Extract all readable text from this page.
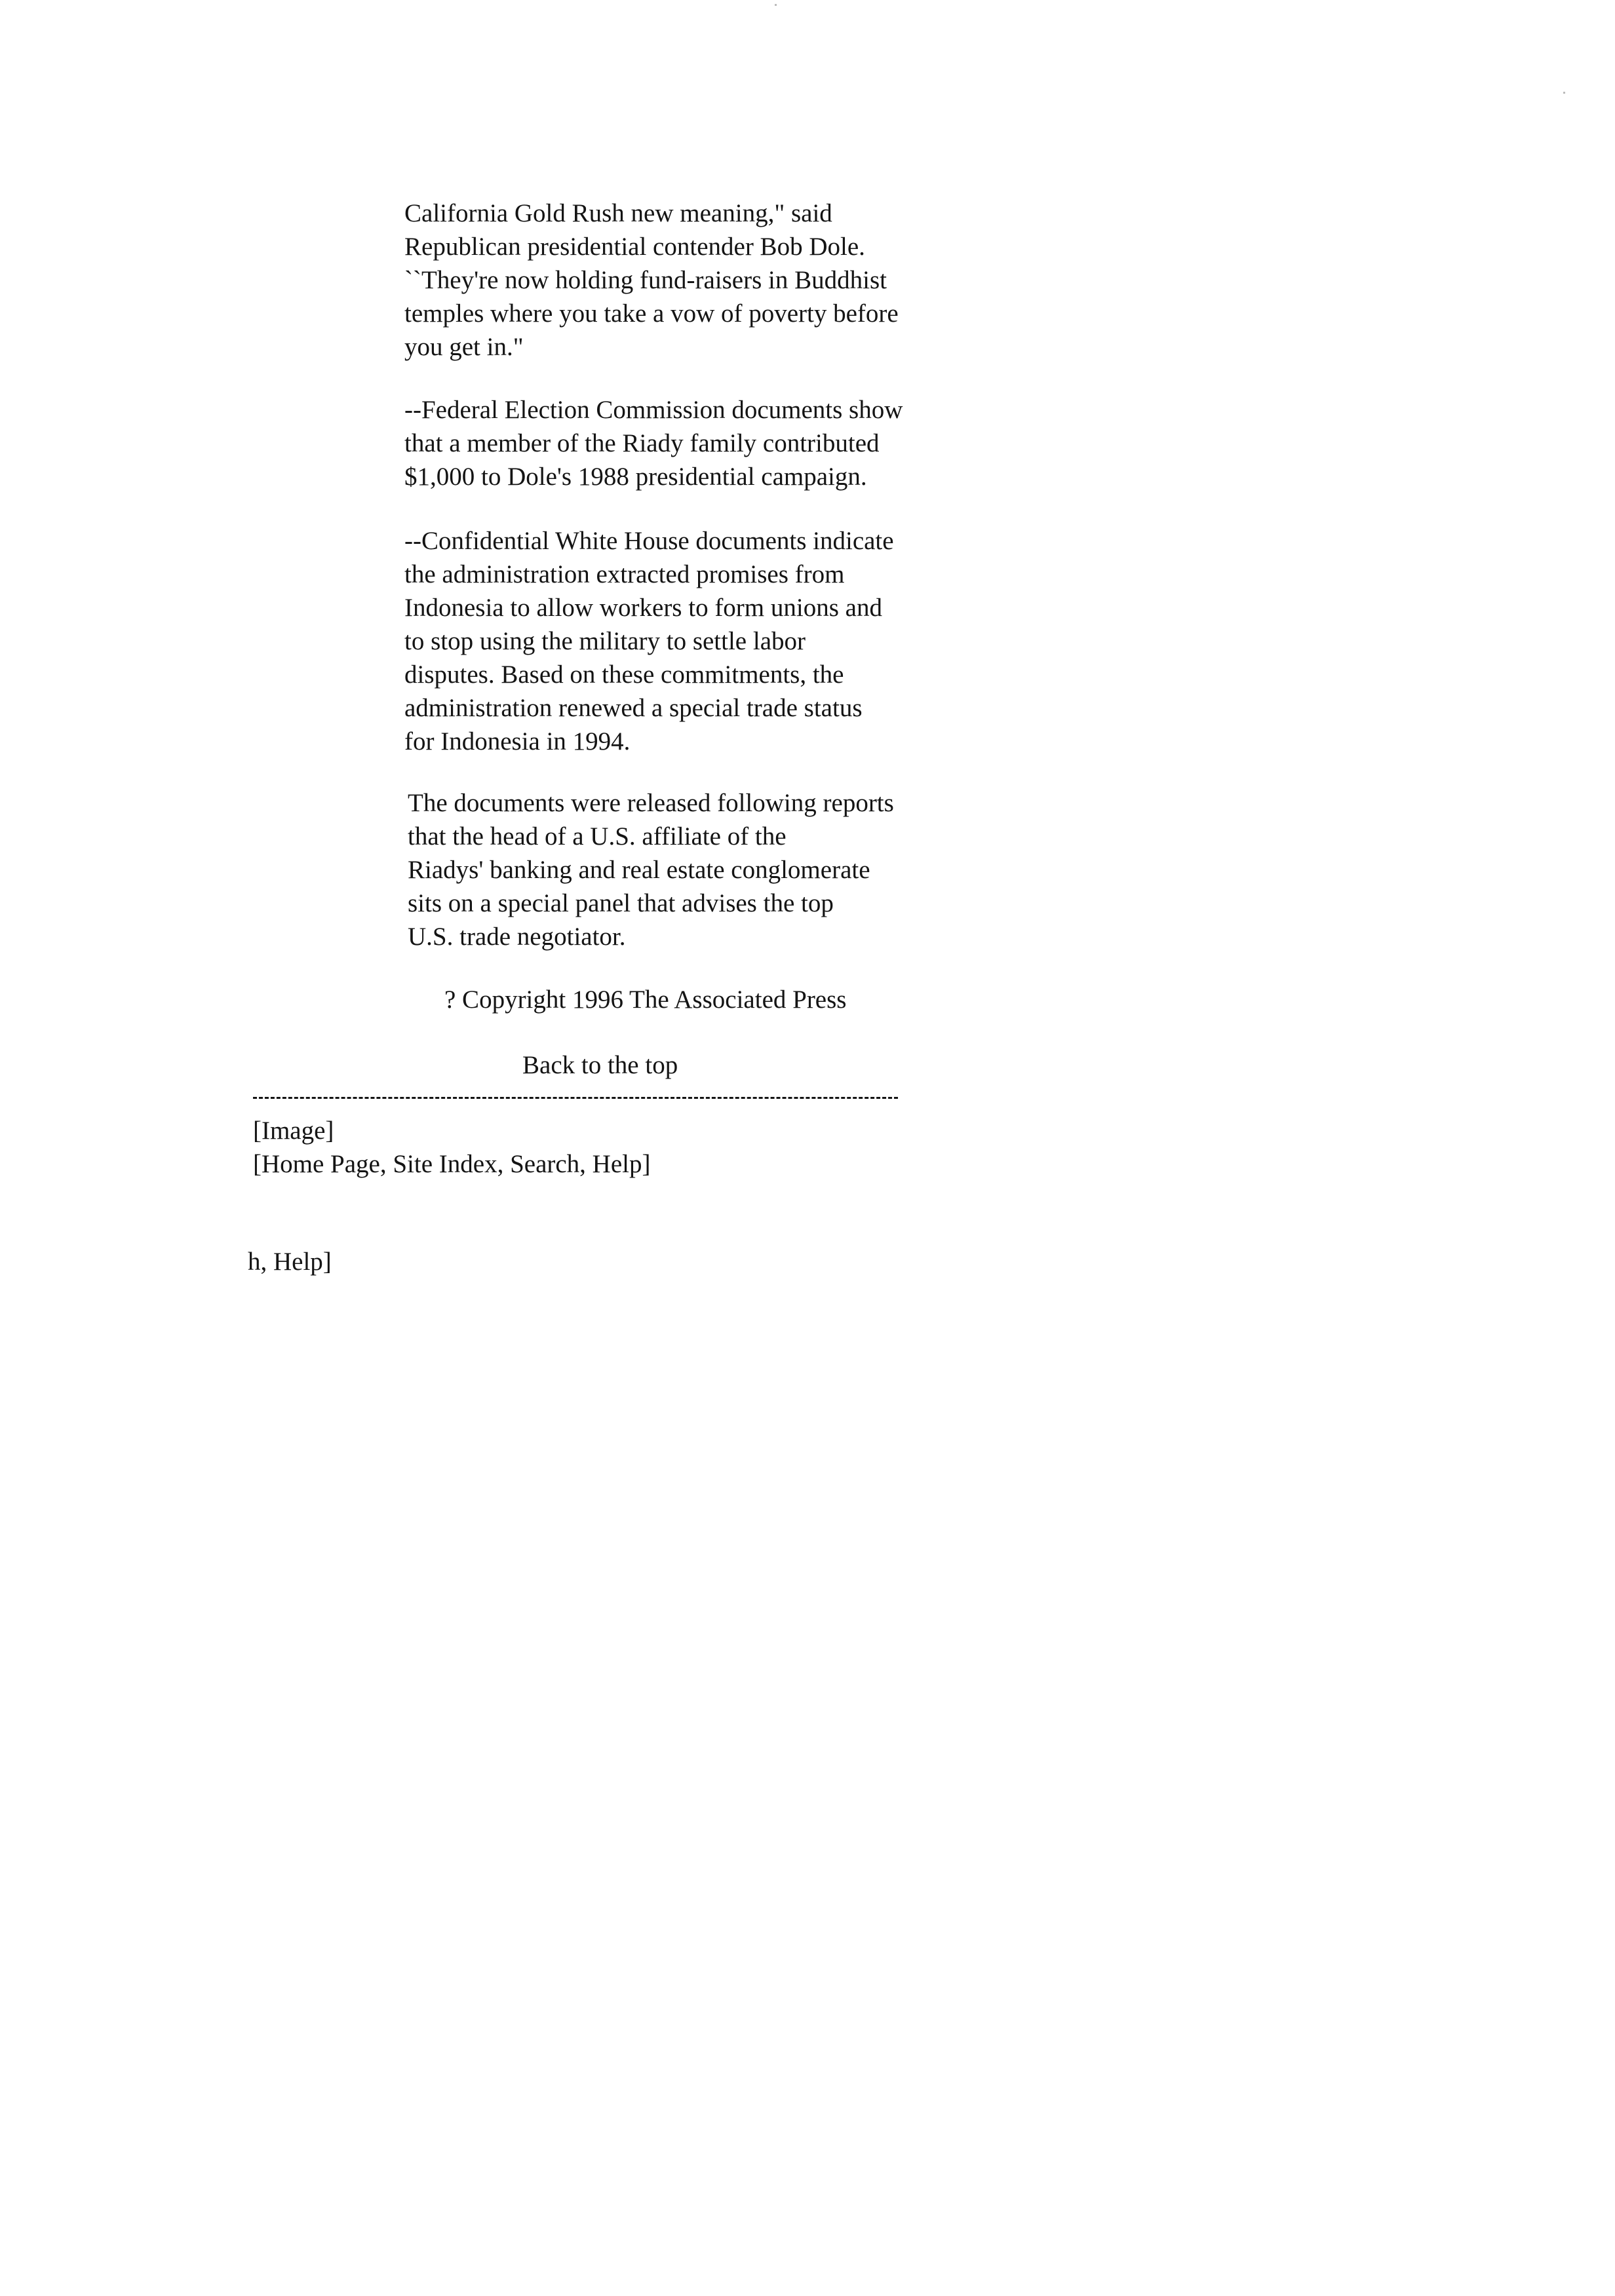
California Gold Rush new meaning," said
Republican presidential contender Bob Dole.
``They're now holding fund-raisers in Buddhist
temples where you take a vow of poverty before
you get in."
--Federal Election Commission documents show
that a member of the Riady family contributed
$1,000 to Dole's 1988 presidential campaign.
--Confidential White House documents indicate
the administration extracted promises from
Indonesia to allow workers to form unions and
to stop using the military to settle labor
disputes. Based on these commitments, the
administration renewed a special trade status
for Indonesia in 1994.
The documents were released following reports
that the head of a U.S. affiliate of the
Riadys' banking and real estate conglomerate
sits on a special panel that advises the top
U.S. trade negotiator.
? Copyright 1996 The Associated Press
Back to the top
[Image]
[Home Page, Site Index, Search, Help]
h, Help]
